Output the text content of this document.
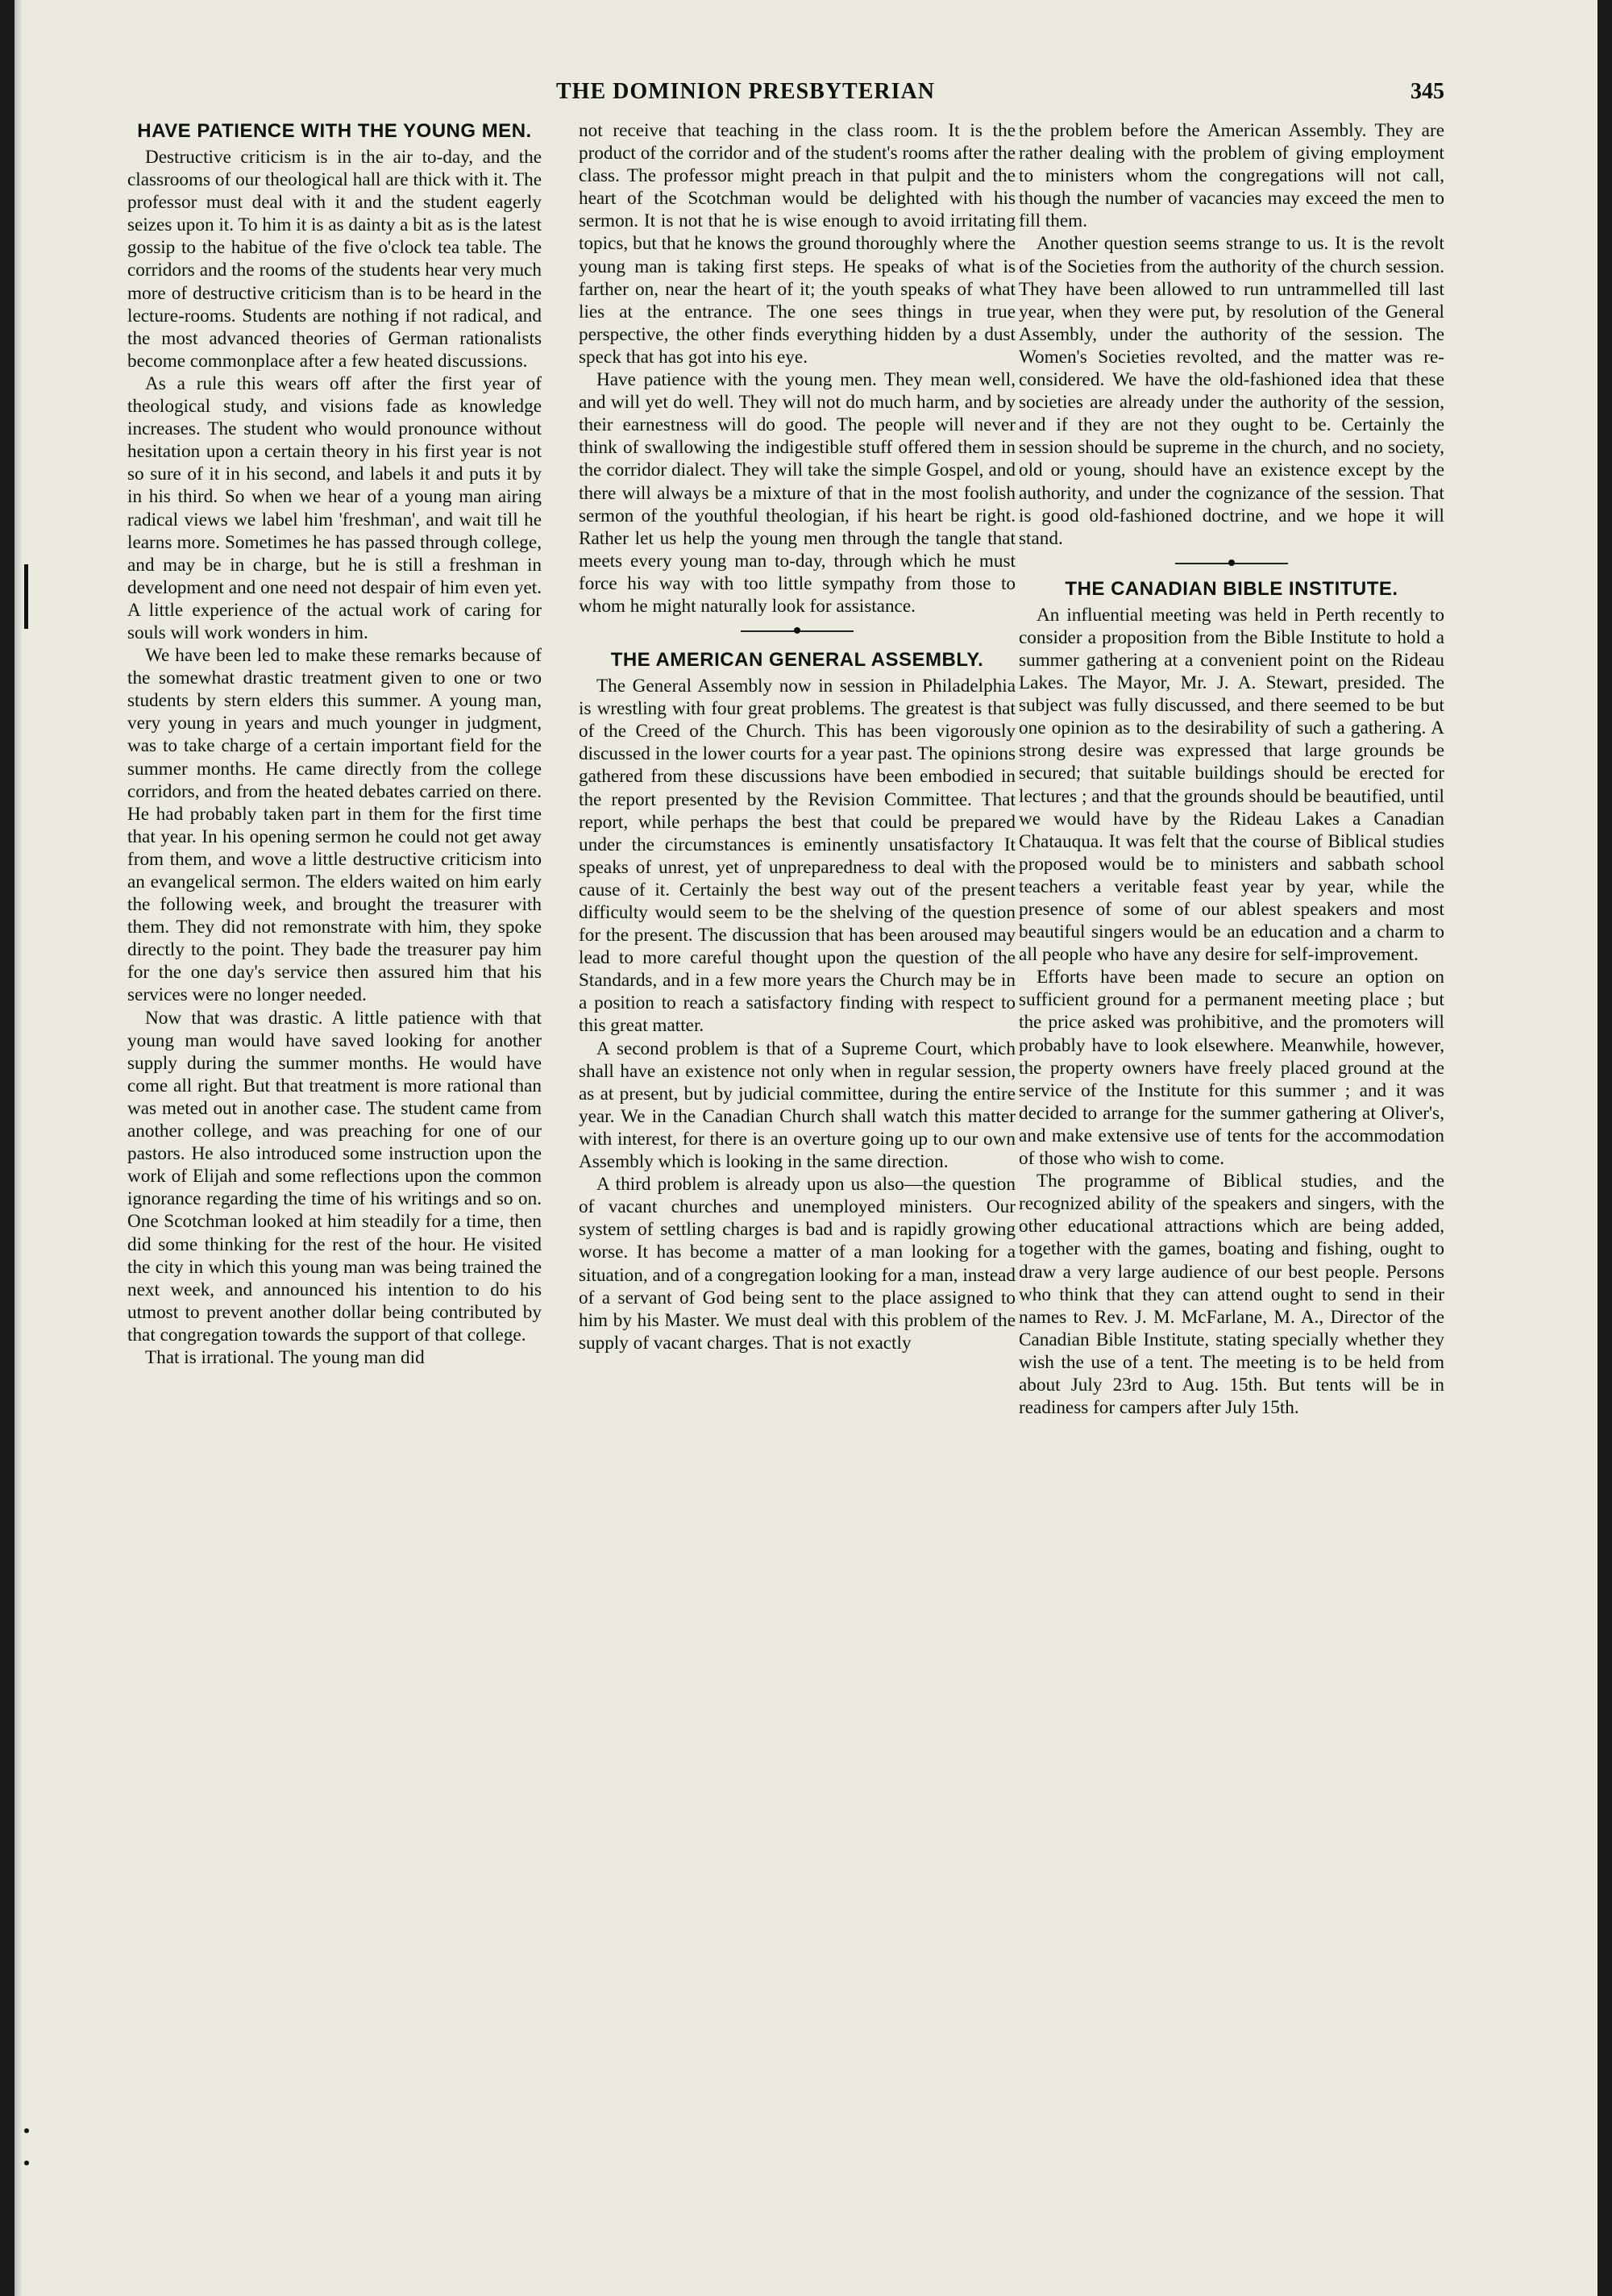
THE DOMINION PRESBYTERIAN	345
HAVE PATIENCE WITH THE YOUNG MEN.

Destructive criticism is in the air to-day, and the classrooms of our theological hall are thick with it. The professor must deal with it and the student eagerly seizes upon it. To him it is as dainty a bit as is the latest gossip to the habitue of the five o'clock tea table. The corridors and the rooms of the students hear very much more of destructive criticism than is to be heard in the lecture-rooms. Students are nothing if not radical, and the most advanced theories of German rationalists become commonplace after a few heated discussions.

As a rule this wears off after the first year of theological study, and visions fade as knowledge increases. The student who would pronounce without hesitation upon a certain theory in his first year is not so sure of it in his second, and labels it and puts it by in his third. So when we hear of a young man airing radical views we label him 'freshman', and wait till he learns more. Sometimes he has passed through college, and may be in charge, but he is still a freshman in development and one need not despair of him even yet. A little experience of the actual work of caring for souls will work wonders in him.

We have been led to make these remarks because of the somewhat drastic treatment given to one or two students by stern elders this summer. A young man, very young in years and much younger in judgment, was to take charge of a certain important field for the summer months. He came directly from the college corridors, and from the heated debates carried on there. He had probably taken part in them for the first time that year. In his opening sermon he could not get away from them, and wove a little destructive criticism into an evangelical sermon. The elders waited on him early the following week, and brought the treasurer with them. They did not remonstrate with him, they spoke directly to the point. They bade the treasurer pay him for the one day's service then assured him that his services were no longer needed.

Now that was drastic. A little patience with that young man would have saved looking for another supply during the summer months. He would have come all right. But that treatment is more rational than was meted out in another case. The student came from another college, and was preaching for one of our pastors. He also introduced some instruction upon the work of Elijah and some reflections upon the common ignorance regarding the time of his writings and so on. One Scotchman looked at him steadily for a time, then did some thinking for the rest of the hour. He visited the city in which this young man was being trained the next week, and announced his intention to do his utmost to prevent another dollar being contributed by that congregation towards the support of that college.

That is irrational. The young man did

not receive that teaching in the class room. It is the product of the corridor and of the student's rooms after the class. The professor might preach in that pulpit and the heart of the Scotchman would be delighted with his sermon. It is not that he is wise enough to avoid irritating topics, but that he knows the ground thoroughly where the young man is taking first steps. He speaks of what is farther on, near the heart of it; the youth speaks of what lies at the entrance. The one sees things in true perspective, the other finds everything hidden by a dust speck that has got into his eye.

Have patience with the young men. They mean well, and will yet do well. They will not do much harm, and by their earnestness will do good. The people will never think of swallowing the indigestible stuff offered them in the corridor dialect. They will take the simple Gospel, and there will always be a mixture of that in the most foolish sermon of the youthful theologian, if his heart be right. Rather let us help the young men through the tangle that meets every young man to-day, through which he must force his way with too little sympathy from those to whom he might naturally look for assistance.

THE AMERICAN GENERAL ASSEMBLY.

The General Assembly now in session in Philadelphia is wrestling with four great problems. The greatest is that of the Creed of the Church. This has been vigorously discussed in the lower courts for a year past. The opinions gathered from these discussions have been embodied in the report presented by the Revision Committee. That report, while perhaps the best that could be prepared under the circumstances is eminently unsatisfactory It speaks of unrest, yet of unpreparedness to deal with the cause of it. Certainly the best way out of the present difficulty would seem to be the shelving of the question for the present. The discussion that has been aroused may lead to more careful thought upon the question of the Standards, and in a few more years the Church may be in a position to reach a satisfactory finding with respect to this great matter.

A second problem is that of a Supreme Court, which shall have an existence not only when in regular session, as at present, but by judicial committee, during the entire year. We in the Canadian Church shall watch this matter with interest, for there is an overture going up to our own Assembly which is looking in the same direction.

A third problem is already upon us also—the question of vacant churches and unemployed ministers. Our system of settling charges is bad and is rapidly growing worse. It has become a matter of a man looking for a situation, and of a congregation looking for a man, instead of a servant of God being sent to the place assigned to him by his Master. We must deal with this problem of the supply of vacant charges. That is not exactly

the problem before the American Assembly. They are rather dealing with the problem of giving employment to ministers whom the congregations will not call, though the number of vacancies may exceed the men to fill them.

Another question seems strange to us. It is the revolt of the Societies from the authority of the church session. They have been allowed to run untrammelled till last year, when they were put, by resolution of the General Assembly, under the authority of the session. The Women's Societies revolted, and the matter was re-considered. We have the old-fashioned idea that these societies are already under the authority of the session, and if they are not they ought to be. Certainly the session should be supreme in the church, and no society, old or young, should have an existence except by the authority, and under the cognizance of the session. That is good old-fashioned doctrine, and we hope it will stand.

THE CANADIAN BIBLE INSTITUTE.

An influential meeting was held in Perth recently to consider a proposition from the Bible Institute to hold a summer gathering at a convenient point on the Rideau Lakes. The Mayor, Mr. J. A. Stewart, presided. The subject was fully discussed, and there seemed to be but one opinion as to the desirability of such a gathering. A strong desire was expressed that large grounds be secured; that suitable buildings should be erected for lectures ; and that the grounds should be beautified, until we would have by the Rideau Lakes a Canadian Chatauqua. It was felt that the course of Biblical studies proposed would be to ministers and sabbath school teachers a veritable feast year by year, while the presence of some of our ablest speakers and most beautiful singers would be an education and a charm to all people who have any desire for self-improvement.

Efforts have been made to secure an option on sufficient ground for a permanent meeting place ; but the price asked was prohibitive, and the promoters will probably have to look elsewhere. Meanwhile, however, the property owners have freely placed ground at the service of the Institute for this summer ; and it was decided to arrange for the summer gathering at Oliver's, and make extensive use of tents for the accommodation of those who wish to come.

The programme of Biblical studies, and the recognized ability of the speakers and singers, with the other educational attractions which are being added, together with the games, boating and fishing, ought to draw a very large audience of our best people. Persons who think that they can attend ought to send in their names to Rev. J. M. McFarlane, M. A., Director of the Canadian Bible Institute, stating specially whether they wish the use of a tent. The meeting is to be held from about July 23rd to Aug. 15th. But tents will be in readiness for campers after July 15th.
